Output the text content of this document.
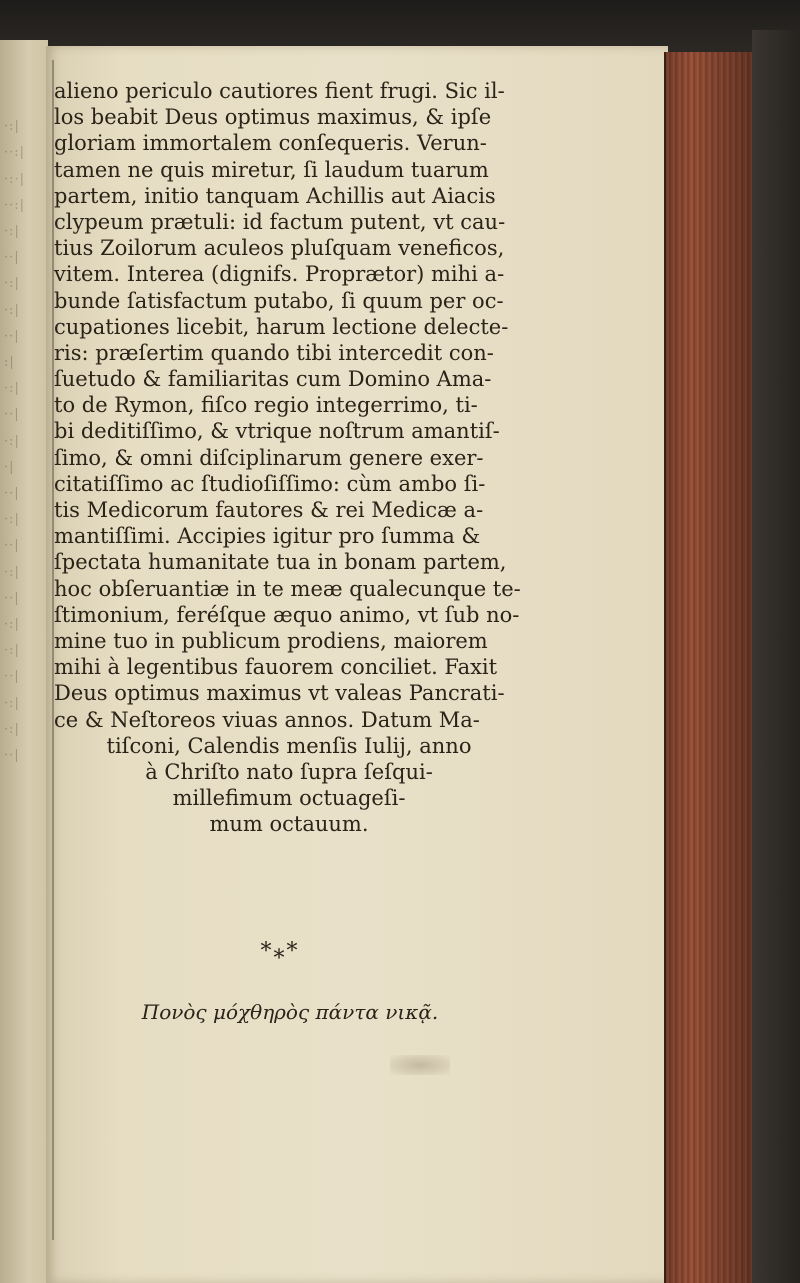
·:|
··:|
·:·|
··:|
·:|
··|
·:|
·:|
··|
:|
·:|
··|
·:|
·|
··|
·:|
··|
·:|
··|
·:|
·:|
··|
·:|
·:|
··|

alieno periculo cautiores fient frugi. Sic il-
los beabit Deus optimus maximus, & ipſe
gloriam immortalem conſequeris. Verun-
tamen ne quis miretur, ſi laudum tuarum
partem, initio tanquam Achillis aut Aiacis
clypeum prætuli: id factum putent, vt cau-
tius Zoilorum aculeos pluſquam veneficos,
vitem. Interea (dignifs. Proprætor) mihi a-
bunde ſatisfactum putabo, ſi quum per oc-
cupationes licebit, harum lectione delecte-
ris: præſertim quando tibi intercedit con-
ſuetudo & familiaritas cum Domino Ama-
to de Rymon, fiſco regio integerrimo, ti-
bi deditiſſimo, & vtrique noſtrum amantiſ-
ſimo, & omni diſciplinarum genere exer-
citatiſſimo ac ſtudioſiſſimo: cùm ambo ſi-
tis Medicorum fautores & rei Medicæ a-
mantiſſimi. Accipies igitur pro ſumma &
ſpectata humanitate tua in bonam partem,
hoc obſeruantiæ in te meæ qualecunque te-
ſtimonium, feréſque æquo animo, vt ſub no-
mine tuo in publicum prodiens, maiorem
mihi à legentibus fauorem conciliet. Faxit
Deus optimus maximus vt valeas Pancrati-
ce & Neſtoreos viuas annos. Datum Ma-
tiſconi, Calendis menſis Iulij, anno
à Chriſto nato ſupra ſeſqui-
millefimum octuageſi-
mum octauum.
*⁎*
Πονὸς μόχθηρὸς πάντα νικᾷ.
